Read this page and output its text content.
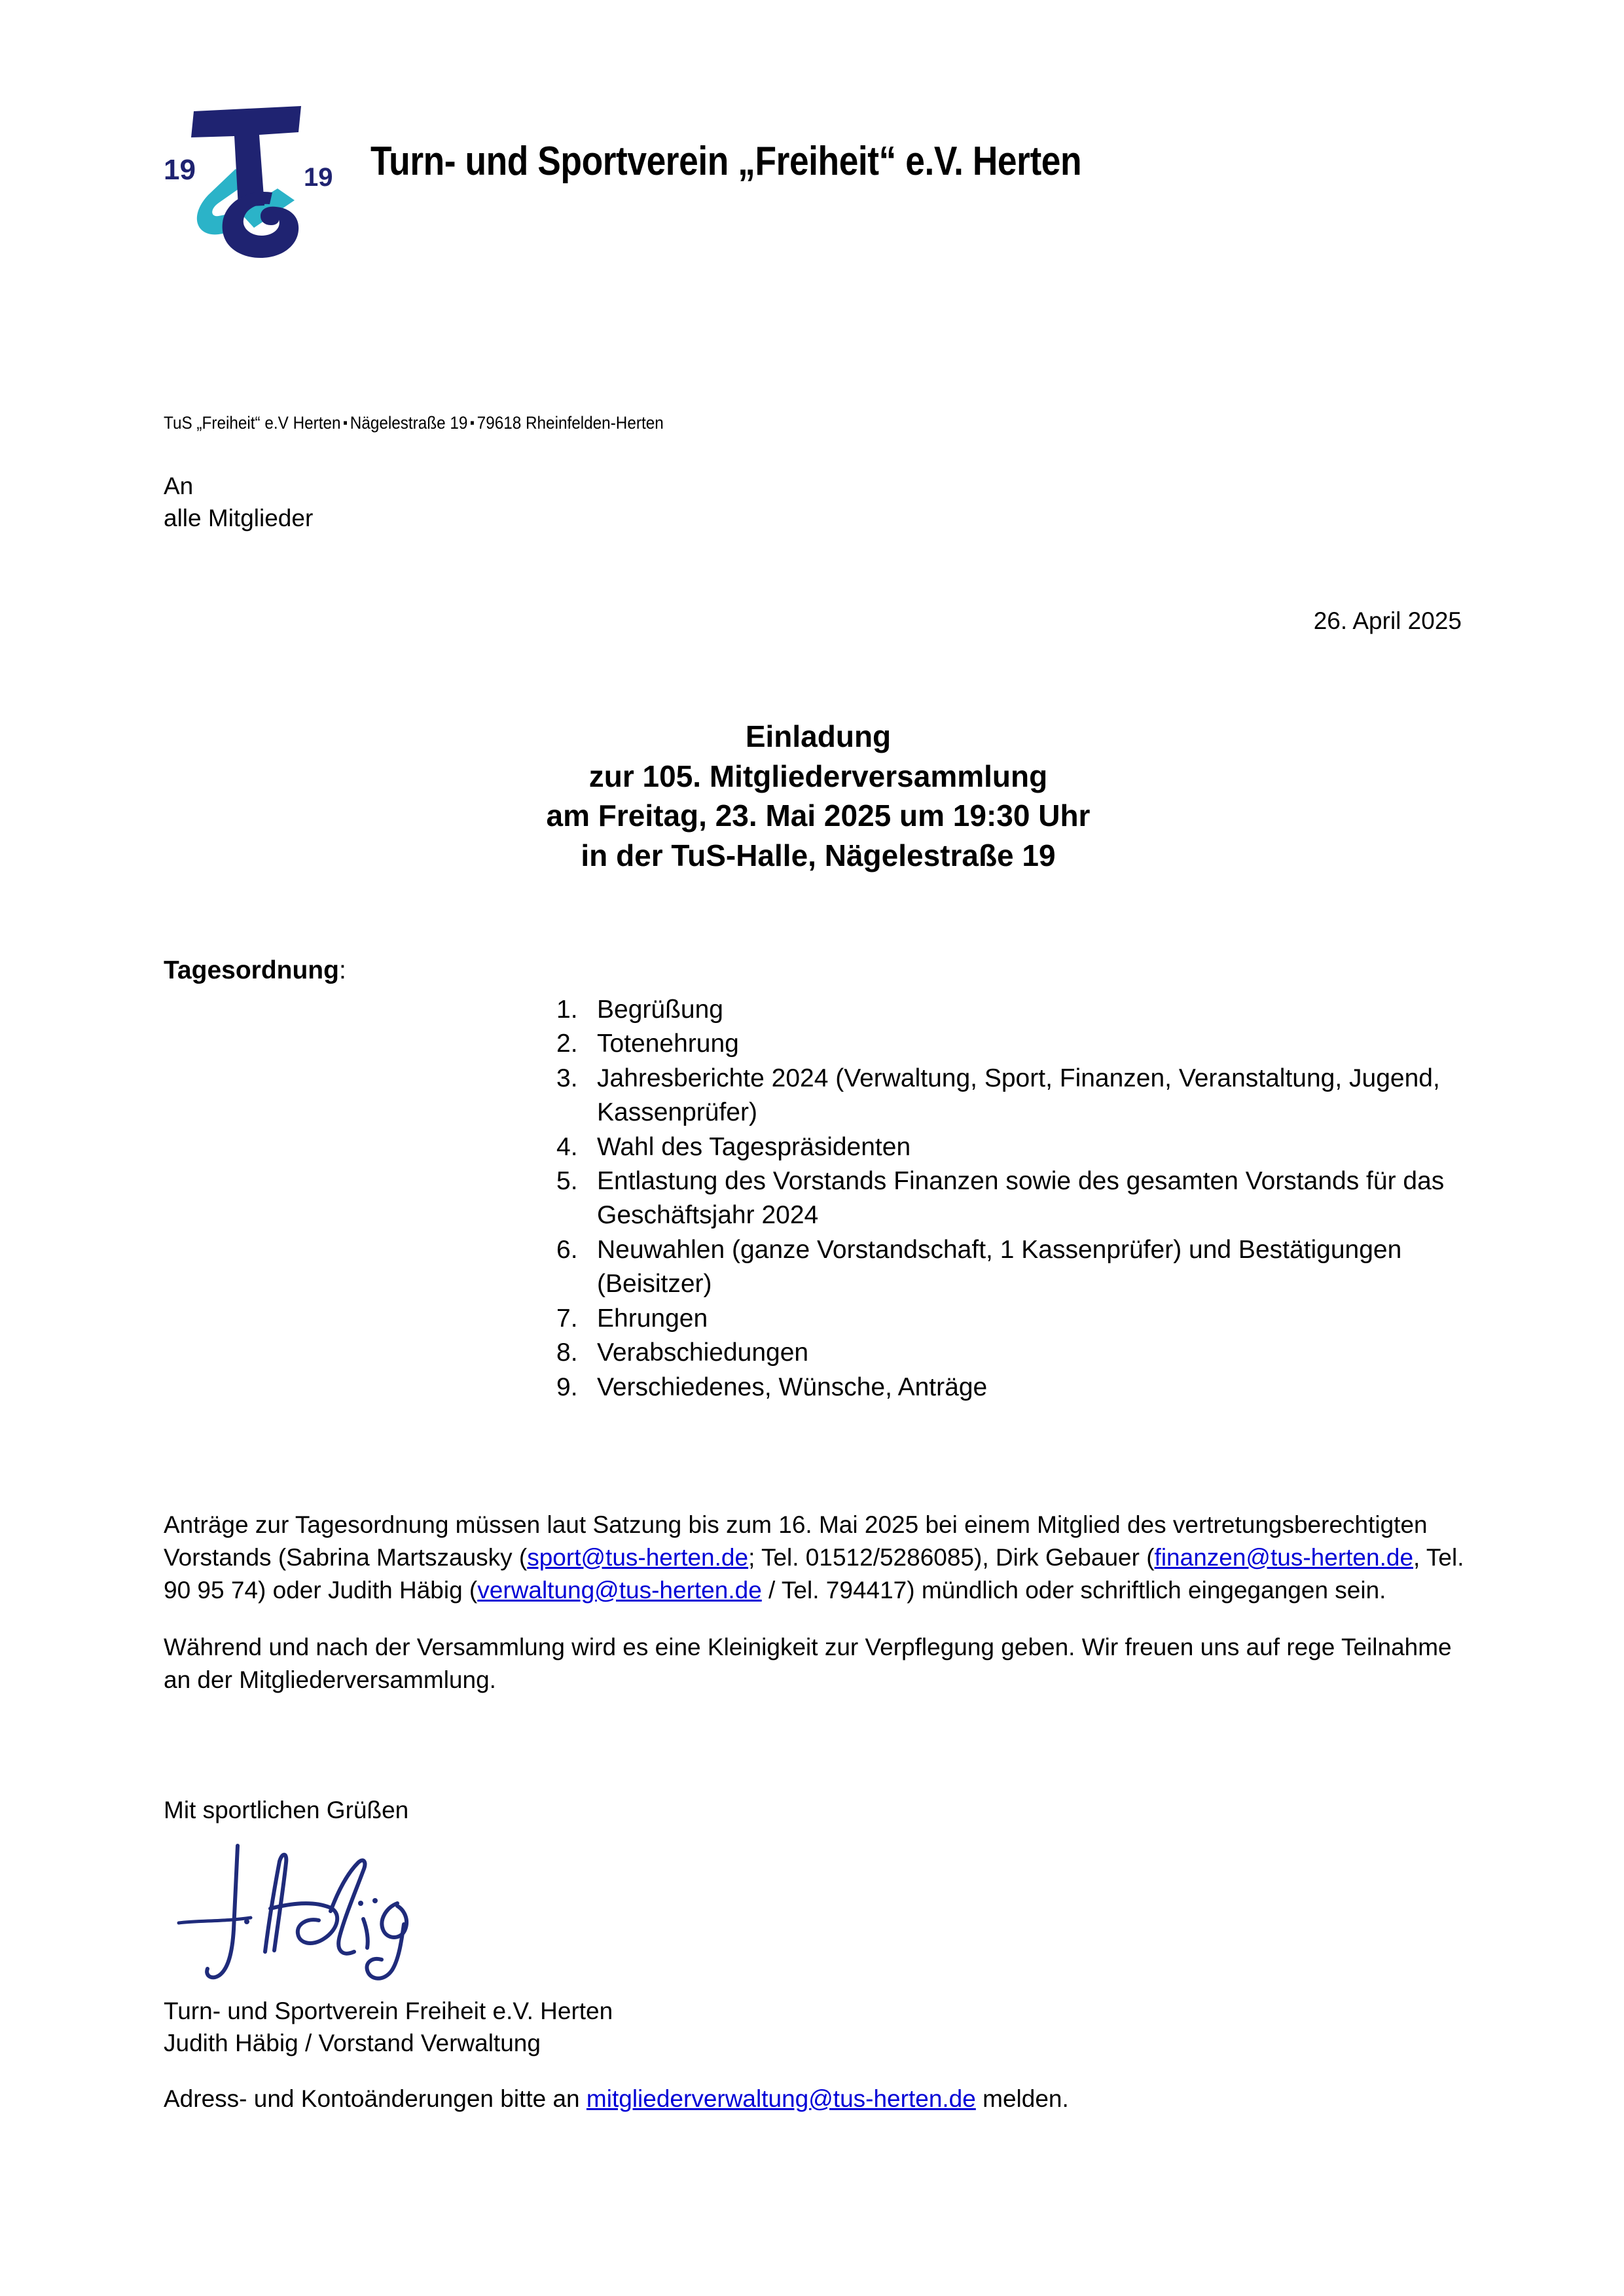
19	19 Turn- und Sportverein „Freiheit“ e.V. Herten
TuS „Freiheit“ e.V Herten ▪ Nägelestraße 19 ▪ 79618 Rheinfelden-Herten
An
alle Mitglieder
26. April 2025
Einladung
zur 105. Mitgliederversammlung
am Freitag, 23. Mai 2025 um 19:30 Uhr
in der TuS-Halle, Nägelestraße 19
Tagesordnung:
1. Begrüßung
2. Totenehrung
3. Jahresberichte 2024 (Verwaltung, Sport, Finanzen, Veranstaltung, Jugend, Kassenprüfer)
4. Wahl des Tagespräsidenten
5. Entlastung des Vorstands Finanzen sowie des gesamten Vorstands für das Geschäftsjahr 2024
6. Neuwahlen (ganze Vorstandschaft, 1 Kassenprüfer) und Bestätigungen (Beisitzer)
7. Ehrungen
8. Verabschiedungen
9. Verschiedenes, Wünsche, Anträge

Anträge zur Tagesordnung müssen laut Satzung bis zum 16. Mai 2025 bei einem Mitglied des vertretungsberechtigten Vorstands (Sabrina Martszausky (sport@tus-herten.de; Tel. 01512/5286085), Dirk Gebauer (finanzen@tus-herten.de, Tel. 90 95 74) oder Judith Häbig (verwaltung@tus-herten.de / Tel. 794417) mündlich oder schriftlich eingegangen sein.

Während und nach der Versammlung wird es eine Kleinigkeit zur Verpflegung geben. Wir freuen uns auf rege Teilnahme an der Mitgliederversammlung.

Mit sportlichen Grüßen
Turn- und Sportverein Freiheit e.V. Herten
Judith Häbig / Vorstand Verwaltung
Adress- und Kontoänderungen bitte an mitgliederverwaltung@tus-herten.de melden.
